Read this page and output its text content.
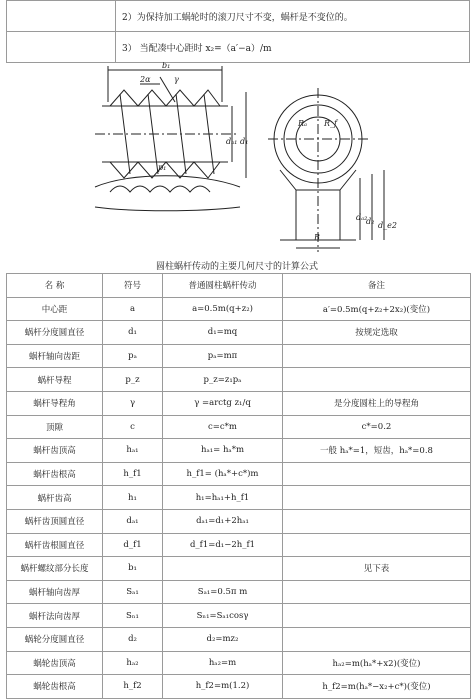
	2）为保持加工蜗轮时的滚刀尺寸不变，蜗杆是不变位的。
	3） 当配凑中心距时 x₂=（a′−a）/m
b₁
2α	γ
dₐ₁ d₁
p₁
Rₐ R_f
dₐ₂
d₂ d_e2
B
圆柱蜗杆传动的主要几何尺寸的计算公式
名 称	符号	普通圆柱蜗杆传动	备注
中心距	a	a=0.5m(q+z₂)	a′=0.5m(q+z₂+2x₂)(变位)
蜗杆分度圆直径	d₁	d₁=mq	按规定选取
蜗杆轴向齿距	pₐ	pₐ=mπ	
蜗杆导程	p_z	p_z=z₁pₐ	
蜗杆导程角	γ	γ =arctg z₁/q	是分度圆柱上的导程角
顶隙	c	c=c*m	c*=0.2
蜗杆齿顶高	hₐ₁	hₐ₁= hₐ*m	一般 hₐ*=1，短齿，hₐ*=0.8
蜗杆齿根高	h_f1	h_f1= (hₐ*+c*)m	
蜗杆齿高	h₁	h₁=hₐ₁+h_f1	
蜗杆齿顶圆直径	dₐ₁	dₐ₁=d₁+2hₐ₁	
蜗杆齿根圆直径	d_f1	d_f1=d₁−2h_f1	
蜗杆螺纹部分长度	b₁		见下表
蜗杆轴向齿厚	Sₐ₁	Sₐ₁=0.5π m	
蜗杆法向齿厚	Sₙ₁	Sₙ₁=Sₐ₁cosγ	
蜗轮分度圆直径	d₂	d₂=mz₂	
蜗轮齿顶高	hₐ₂	hₐ₂=m	hₐ₂=m(hₐ*+x2)(变位)
蜗轮齿根高	h_f2	h_f2=m(1.2)	h_f2=m(hₐ*−x₂+c*)(变位)
